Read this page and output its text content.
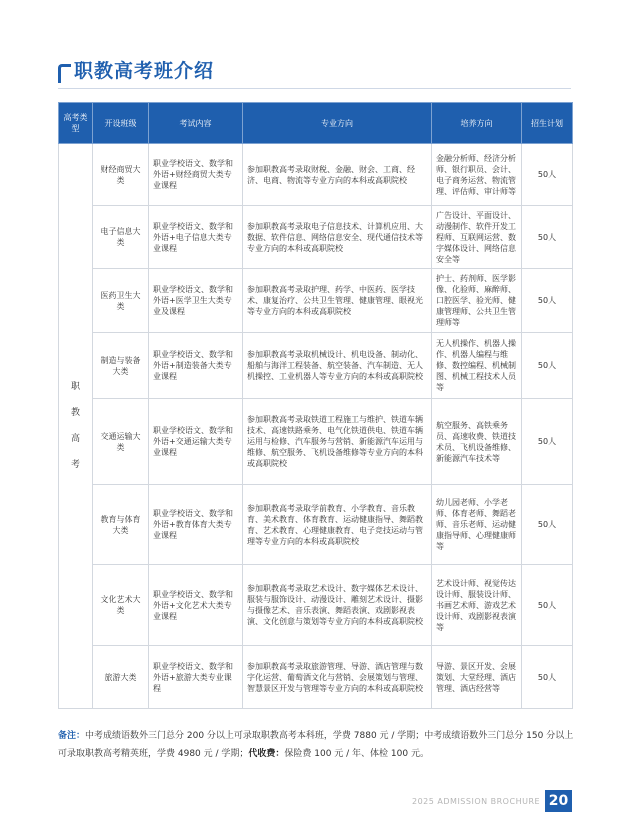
职教高考班介绍
高考类型	开设班级	考试内容	专业方向	培养方向	招生计划
职教高考	财经商贸大类	职业学校语文、数学和外语+财经商贸大类专业课程	参加职教高考录取财税、金融、财会、工商、经济、电商、物流等专业方向的本科或高职院校	金融分析师、经济分析师、银行职员、会计、电子商务运营、物流管理、评估师、审计师等	50人
	电子信息大类	职业学校语文、数学和外语+电子信息大类专业课程	参加职教高考录取电子信息技术、计算机应用、大数据、软件信息、网络信息安全、现代通信技术等专业方向的本科或高职院校	广告设计、平面设计、动漫制作、软件开发工程师、互联网运营、数字媒体设计、网络信息安全等	50人
	医药卫生大类	职业学校语文、数学和外语+医学卫生大类专业及课程	参加职教高考录取护理、药学、中医药、医学技术、康复治疗、公共卫生管理、健康管理、眼视光等专业方向的本科或高职院校	护士、药剂师、医学影像、化验师、麻醉师、口腔医学、验光师、健康管理师、公共卫生管理师等	50人
	制造与装备大类	职业学校语文、数学和外语+制造装备大类专业课程	参加职教高考录取机械设计、机电设备、制动化、船舶与海洋工程装备、航空装备、汽车制造、无人机操控、工业机器人等专业方向的本科或高职院校	无人机操作、机器人操作、机器人编程与维修、数控编程、机械制图、机械工程技术人员等	50人
	交通运输大类	职业学校语文、数学和外语+交通运输大类专业课程	参加职教高考录取铁道工程施工与维护、铁道车辆技术、高速铁路乘务、电气化铁道供电、铁道车辆运用与检修、汽车服务与营销、新能源汽车运用与维修、航空服务、飞机设备维修等专业方向的本科或高职院校	航空服务、高铁乘务员、高速收费、铁道技术员、飞机设备维修、新能源汽车技术等	50人
	教育与体育大类	职业学校语文、数学和外语+教育体育大类专业课程	参加职教高考录取学前教育、小学教育、音乐教育、美术教育、体育教育、运动健康指导、舞蹈教育、艺术教育、心理健康教育、电子竞技运动与管理等专业方向的本科或高职院校	幼儿园老师、小学老师、体育老师、舞蹈老师、音乐老师、运动健康指导师、心理健康师等	50人
	文化艺术大类	职业学校语文、数学和外语+文化艺术大类专业课程	参加职教高考录取艺术设计、数字媒体艺术设计、服装与服饰设计、动漫设计、雕刻艺术设计、摄影与摄像艺术、音乐表演、舞蹈表演、戏剧影视表演、文化创意与策划等专业方向的本科或高职院校	艺术设计师、视觉传达设计师、服装设计师、书画艺术师、游戏艺术设计师、戏剧影视表演等	50人
	旅游大类	职业学校语文、数学和外语+旅游大类专业课程	参加职教高考录取旅游管理、导游、酒店管理与数字化运营、葡萄酒文化与营销、会展策划与管理、智慧景区开发与管理等专业方向的本科或高职院校	导游、景区开发、会展策划、大堂经理、酒店管理、酒店经营等	50人
备注：中考成绩语数外三门总分 200 分以上可录取职教高考本科班，学费 7880 元 / 学期；中考成绩语数外三门总分 150 分以上可录取职教高考精英班，学费 4980 元 / 学期；代收费：保险费 100 元 / 年、体检 100 元。
2025 ADMISSION BROCHURE 20
